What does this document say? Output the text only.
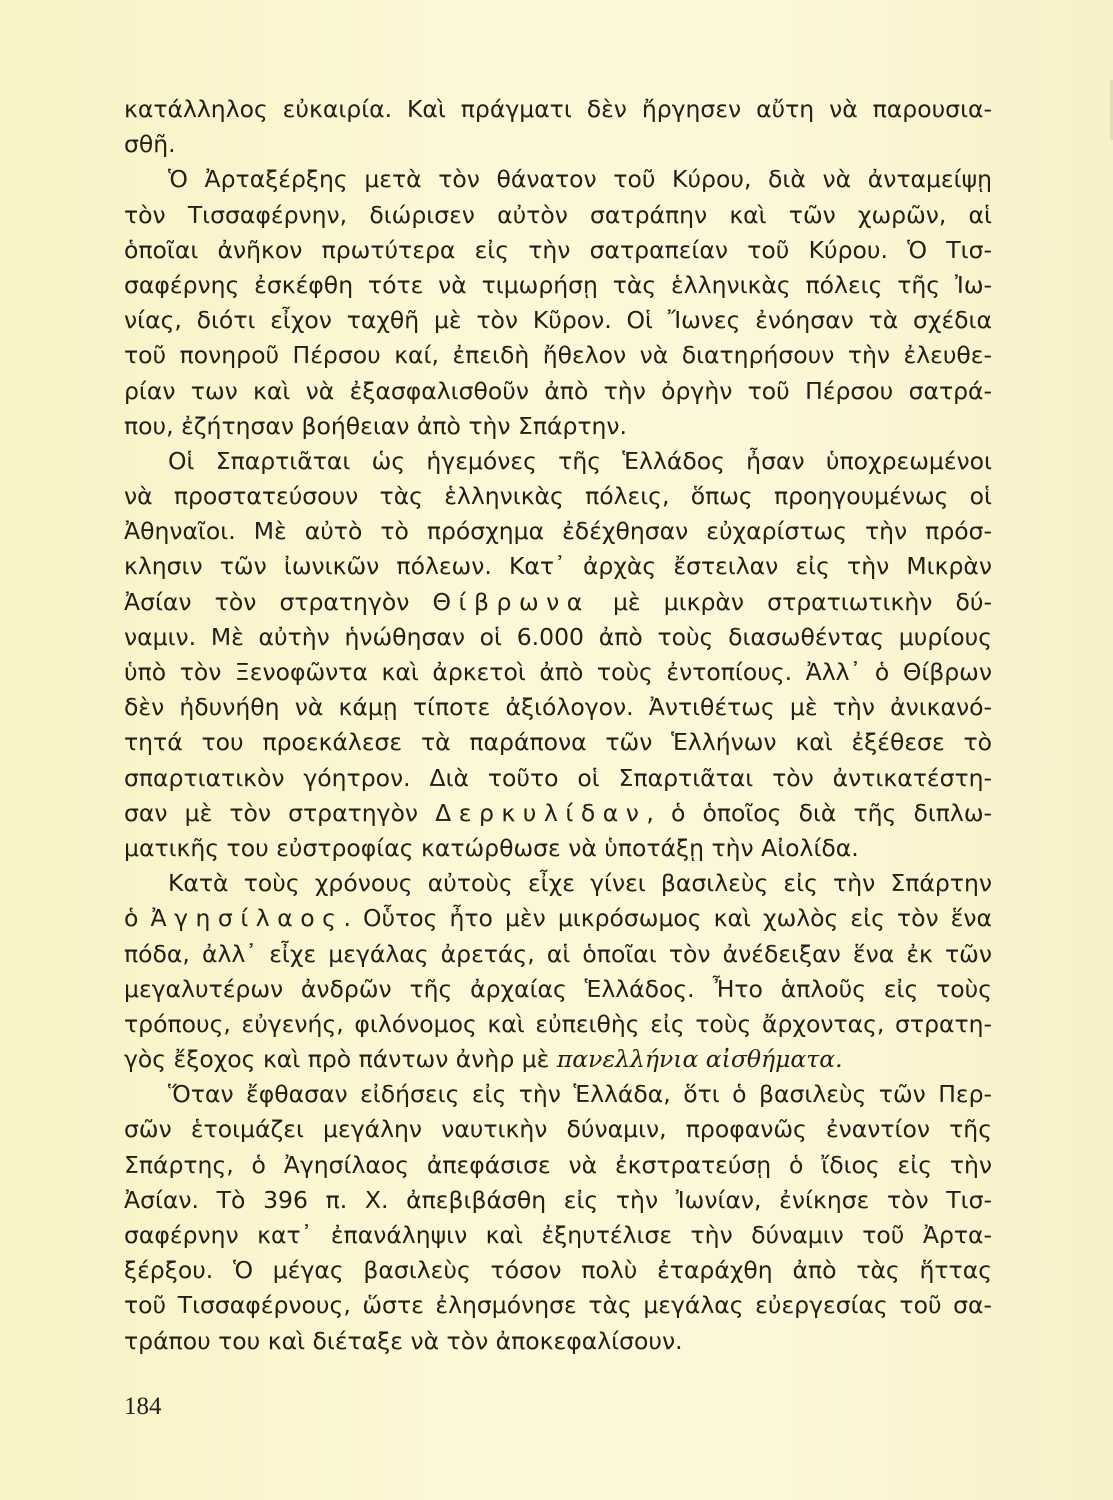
κατάλληλος εὐκαιρία. Καὶ πράγματι δὲν ἤργησεν αὔτη νὰ παρουσια-
σθῆ.
Ὁ Ἀρταξέρξης μετὰ τὸν θάνατον τοῦ Κύρου, διὰ νὰ ἀνταμείψῃ
τὸν Τισσαφέρνην, διώρισεν αὐτὸν σατράπην καὶ τῶν χωρῶν, αἱ
ὁποῖαι ἀνῆκον πρωτύτερα εἰς τὴν σατραπείαν τοῦ Κύρου. Ὁ Τισ-
σαφέρνης ἐσκέφθη τότε νὰ τιμωρήσῃ τὰς ἑλληνικὰς πόλεις τῆς Ἰω-
νίας, διότι εἶχον ταχθῆ μὲ τὸν Κῦρον. Οἱ Ἴωνες ἐνόησαν τὰ σχέδια
τοῦ πονηροῦ Πέρσου καί, ἐπειδὴ ἤθελον νὰ διατηρήσουν τὴν ἐλευθε-
ρίαν των καὶ νὰ ἐξασφαλισθοῦν ἀπὸ τὴν ὀργὴν τοῦ Πέρσου σατρά-
που, ἐζήτησαν βοήθειαν ἀπὸ τὴν Σπάρτην.
Οἱ Σπαρτιᾶται ὡς ἡγεμόνες τῆς Ἑλλάδος ἦσαν ὑποχρεωμένοι
νὰ προστατεύσουν τὰς ἑλληνικὰς πόλεις, ὅπως προηγουμένως οἱ
Ἀθηναῖοι. Μὲ αὐτὸ τὸ πρόσχημα ἐδέχθησαν εὐχαρίστως τὴν πρόσ-
κλησιν τῶν ἰωνικῶν πόλεων. Κατ᾿ ἀρχὰς ἔστειλαν εἰς τὴν Μικρὰν
Ἀσίαν τὸν στρατηγὸν Θίβρωνα μὲ μικρὰν στρατιωτικὴν δύ-
ναμιν. Μὲ αὐτὴν ἡνώθησαν οἱ 6.000 ἀπὸ τοὺς διασωθέντας μυρίους
ὑπὸ τὸν Ξενοφῶντα καὶ ἀρκετοὶ ἀπὸ τοὺς ἐντοπίους. Ἀλλ᾿ ὁ Θίβρων
δὲν ἠδυνήθη νὰ κάμῃ τίποτε ἀξιόλογον. Ἀντιθέτως μὲ τὴν ἀνικανό-
τητά του προεκάλεσε τὰ παράπονα τῶν Ἑλλήνων καὶ ἐξέθεσε τὸ
σπαρτιατικὸν γόητρον. Διὰ τοῦτο οἱ Σπαρτιᾶται τὸν ἀντικατέστη-
σαν μὲ τὸν στρατηγὸν Δερκυλίδαν, ὁ ὁποῖος διὰ τῆς διπλω-
ματικῆς του εὐστροφίας κατώρθωσε νὰ ὑποτάξῃ τὴν Αἰολίδα.
Κατὰ τοὺς χρόνους αὐτοὺς εἶχε γίνει βασιλεὺς εἰς τὴν Σπάρτην
ὁ Ἀγησίλαος. Οὗτος ἦτο μὲν μικρόσωμος καὶ χωλὸς εἰς τὸν ἕνα
πόδα, ἀλλ᾿ εἶχε μεγάλας ἀρετάς, αἱ ὁποῖαι τὸν ἀνέδειξαν ἕνα ἐκ τῶν
μεγαλυτέρων ἀνδρῶν τῆς ἀρχαίας Ἑλλάδος. Ἦτο ἁπλοῦς εἰς τοὺς
τρόπους, εὐγενής, φιλόνομος καὶ εὐπειθὴς εἰς τοὺς ἄρχοντας, στρατη-
γὸς ἔξοχος καὶ πρὸ πάντων ἀνὴρ μὲ πανελλήνια αἰσθήματα.
Ὅταν ἔφθασαν εἰδήσεις εἰς τὴν Ἑλλάδα, ὅτι ὁ βασιλεὺς τῶν Περ-
σῶν ἑτοιμάζει μεγάλην ναυτικὴν δύναμιν, προφανῶς ἐναντίον τῆς
Σπάρτης, ὁ Ἀγησίλαος ἀπεφάσισε νὰ ἐκστρατεύσῃ ὁ ἴδιος εἰς τὴν
Ἀσίαν. Τὸ 396 π. Χ. ἀπεβιβάσθη εἰς τὴν Ἰωνίαν, ἐνίκησε τὸν Τισ-
σαφέρνην κατ᾿ ἐπανάληψιν καὶ ἐξηυτέλισε τὴν δύναμιν τοῦ Ἀρτα-
ξέρξου. Ὁ μέγας βασιλεὺς τόσον πολὺ ἐταράχθη ἀπὸ τὰς ἥττας
τοῦ Τισσαφέρνους, ὥστε ἐλησμόνησε τὰς μεγάλας εὐεργεσίας τοῦ σα-
τράπου του καὶ διέταξε νὰ τὸν ἀποκεφαλίσουν.
184
